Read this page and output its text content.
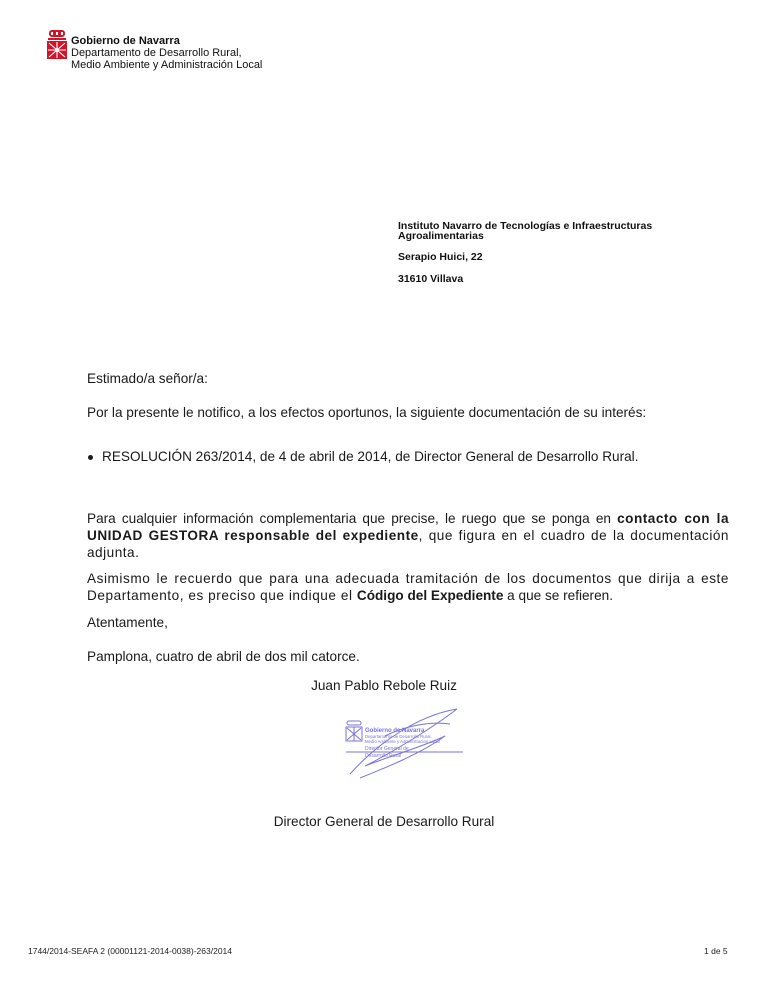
Gobierno de Navarra
Departamento de Desarrollo Rural,
Medio Ambiente y Administración Local
Instituto Navarro de Tecnologías e Infraestructuras
Agroalimentarias
Serapio Huici, 22
31610 Villava
Estimado/a señor/a:
Por la presente le notifico, a los efectos oportunos, la siguiente documentación de su interés:
RESOLUCIÓN 263/2014, de 4 de abril de 2014, de Director General de Desarrollo Rural.
Para cualquier información complementaria que precise, le ruego que se ponga en contacto con la UNIDAD GESTORA responsable del expediente, que figura en el cuadro de la documentación adjunta.
Asimismo le recuerdo que para una adecuada tramitación de los documentos que dirija a este Departamento, es preciso que indique el Código del Expediente a que se refieren.
Atentamente,
Pamplona, cuatro de abril de dos mil catorce.
Juan Pablo Rebole Ruiz
Gobierno de Navarra
Departamento de Desarrollo Rural,
Medio Ambiente y Administración Local
Director General de
Desarrollo Rural
Director General de Desarrollo Rural
1744/2014-SEAFA 2 (00001121-2014-0038)-263/2014	1 de 5
